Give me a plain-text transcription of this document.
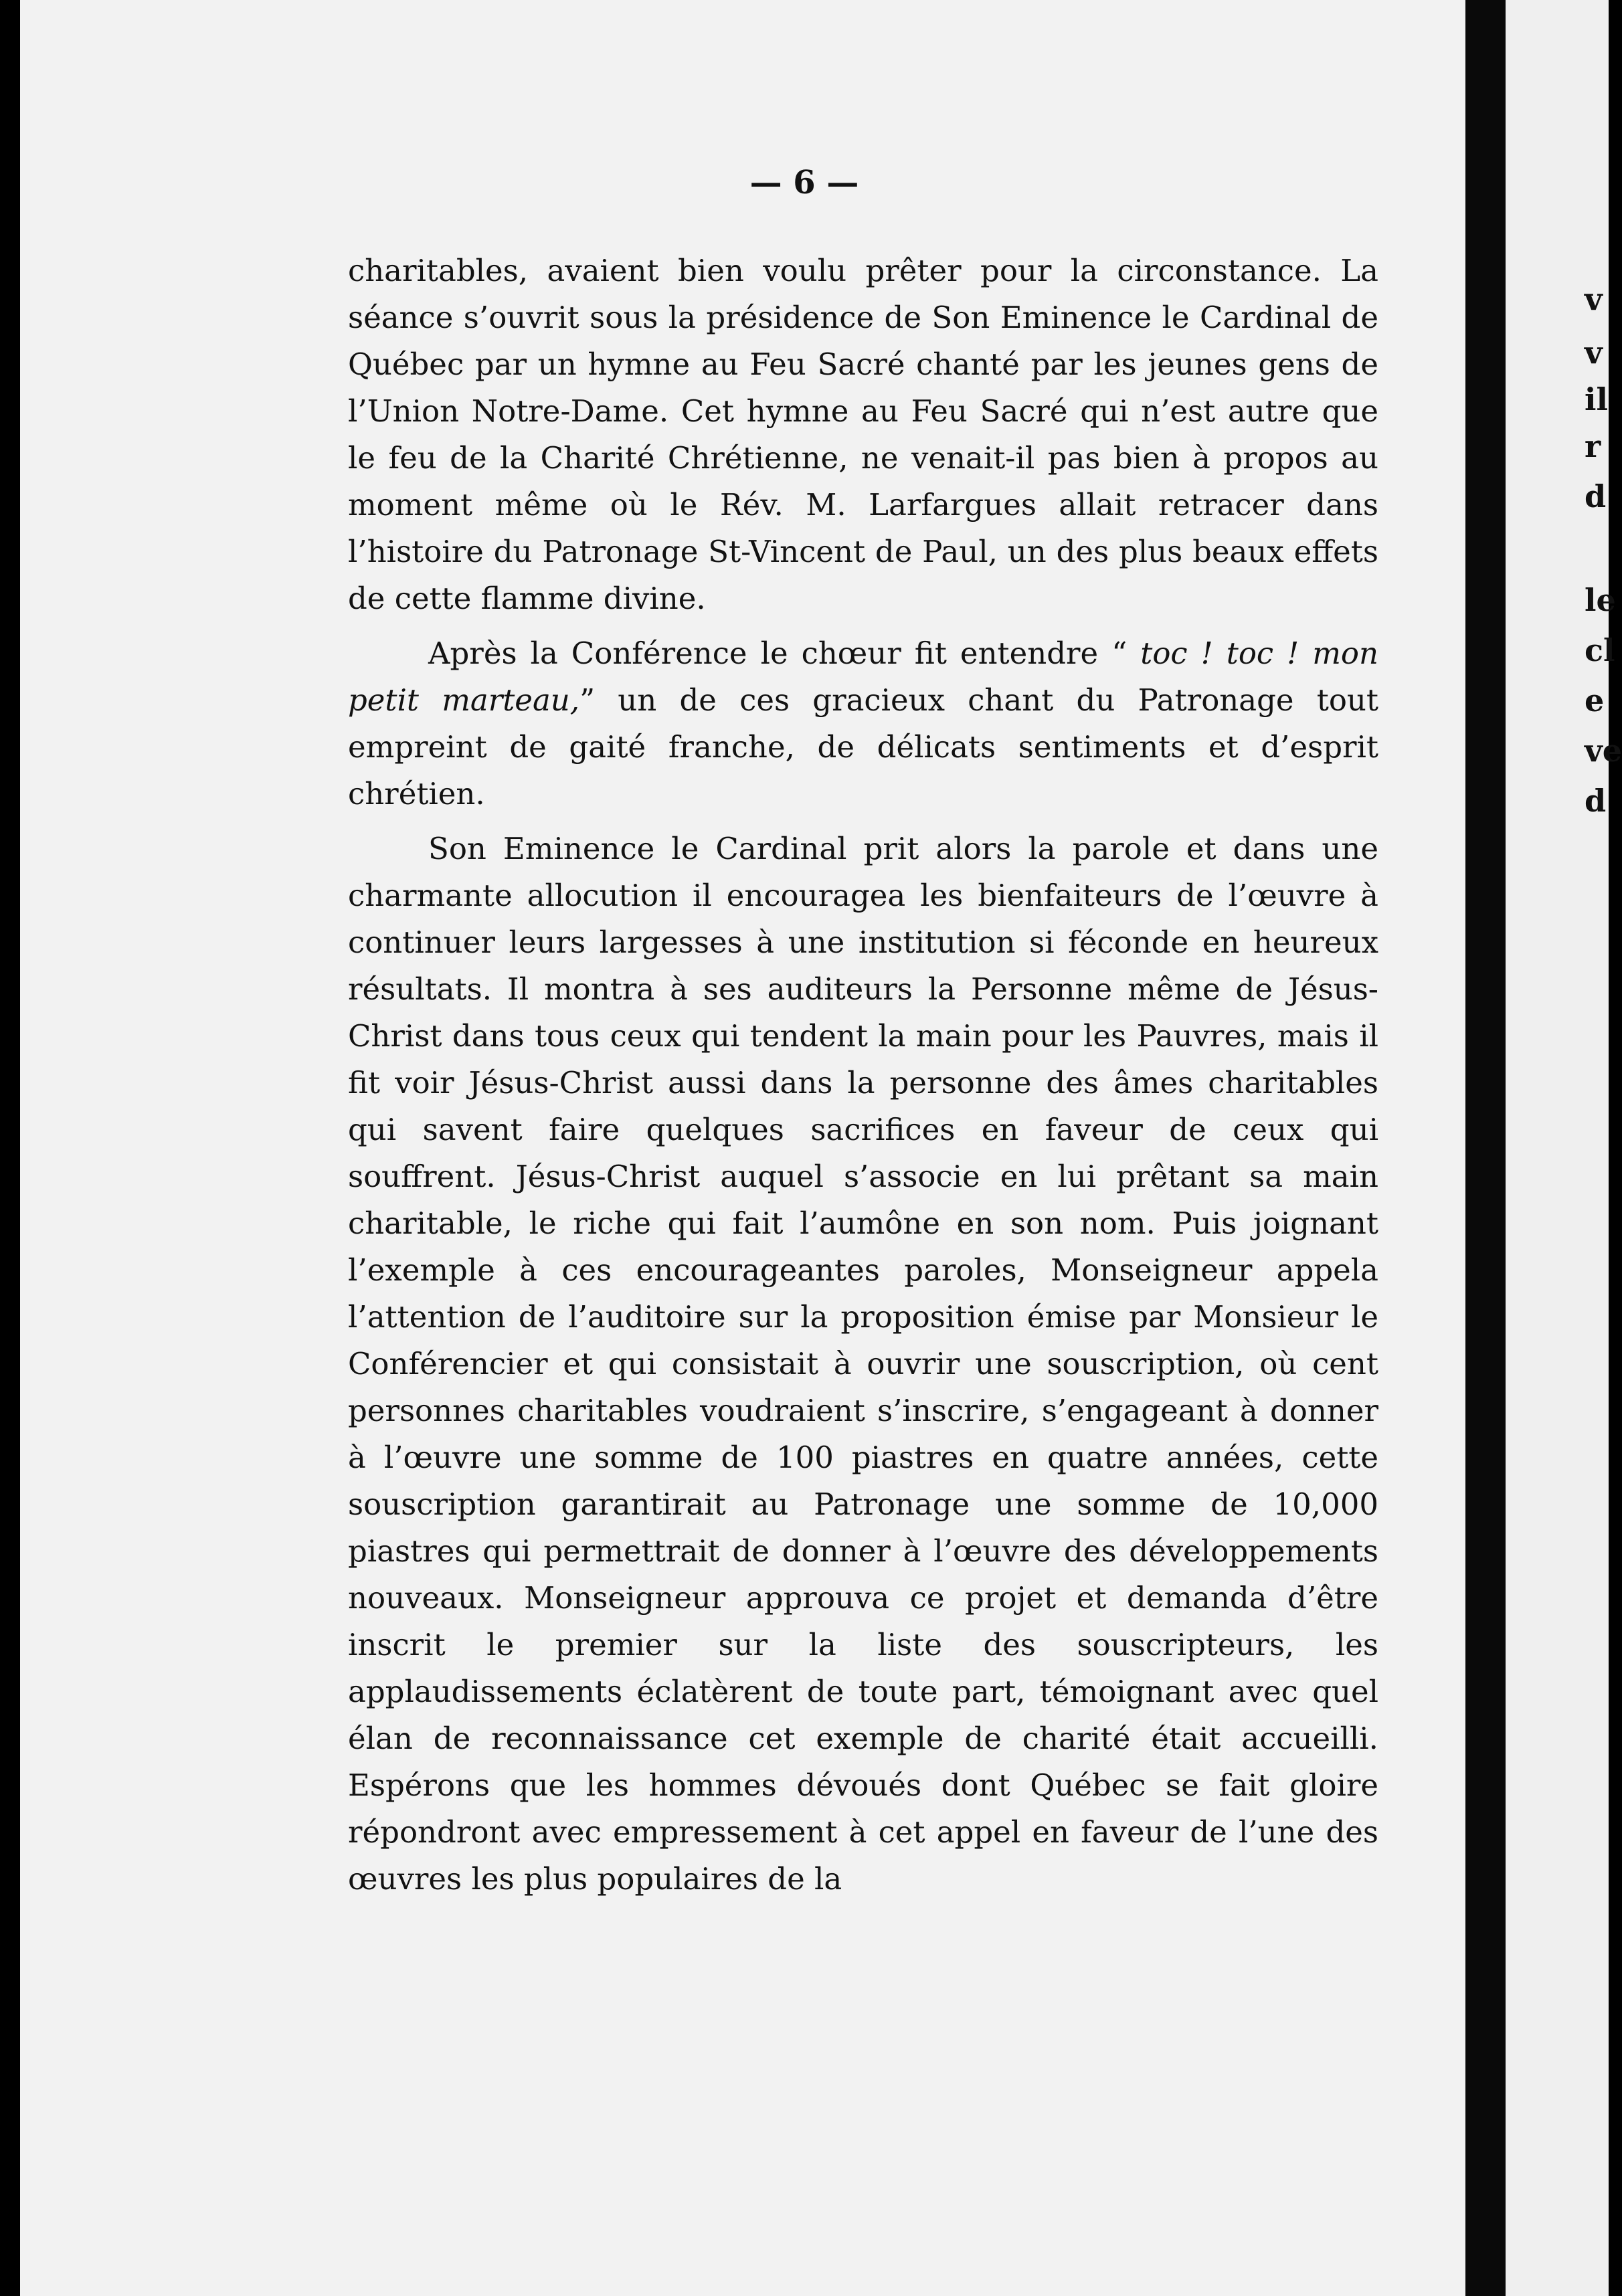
v
v
il
r
d
le
cl
e
ve
d
— 6 —

charitables, avaient bien voulu prêter pour la circonstance. La séance s’ouvrit sous la présidence de Son Eminence le Cardinal de Québec par un hymne au Feu Sacré chanté par les jeunes gens de l’Union Notre-Dame. Cet hymne au Feu Sacré qui n’est autre que le feu de la Charité Chrétienne, ne venait-il pas bien à propos au moment même où le Rév. M. Larfargues allait retracer dans l’histoire du Patronage St-Vincent de Paul, un des plus beaux effets de cette flamme divine.

Après la Conférence le chœur fit entendre “ toc ! toc ! mon petit marteau,” un de ces gracieux chant du Patronage tout empreint de gaité franche, de délicats sentiments et d’esprit chrétien.

Son Eminence le Cardinal prit alors la parole et dans une charmante allocution il encouragea les bienfaiteurs de l’œuvre à continuer leurs largesses à une institution si féconde en heureux résultats. Il montra à ses auditeurs la Personne même de Jésus-Christ dans tous ceux qui tendent la main pour les Pauvres, mais il fit voir Jésus-Christ aussi dans la personne des âmes charitables qui savent faire quelques sacrifices en faveur de ceux qui souffrent. Jésus-Christ auquel s’associe en lui prêtant sa main charitable, le riche qui fait l’aumône en son nom. Puis joignant l’exemple à ces encourageantes paroles, Monseigneur appela l’attention de l’auditoire sur la proposition émise par Monsieur le Conférencier et qui consistait à ouvrir une souscription, où cent personnes charitables voudraient s’inscrire, s’engageant à donner à l’œuvre une somme de 100 piastres en quatre années, cette souscription garantirait au Patronage une somme de 10,000 piastres qui permettrait de donner à l’œuvre des développements nouveaux. Monseigneur approuva ce projet et demanda d’être inscrit le premier sur la liste des souscripteurs, les applaudissements éclatèrent de toute part, témoignant avec quel élan de reconnaissance cet exemple de charité était accueilli. Espérons que les hommes dévoués dont Québec se fait gloire répondront avec empressement à cet appel en faveur de l’une des œuvres les plus populaires de la
